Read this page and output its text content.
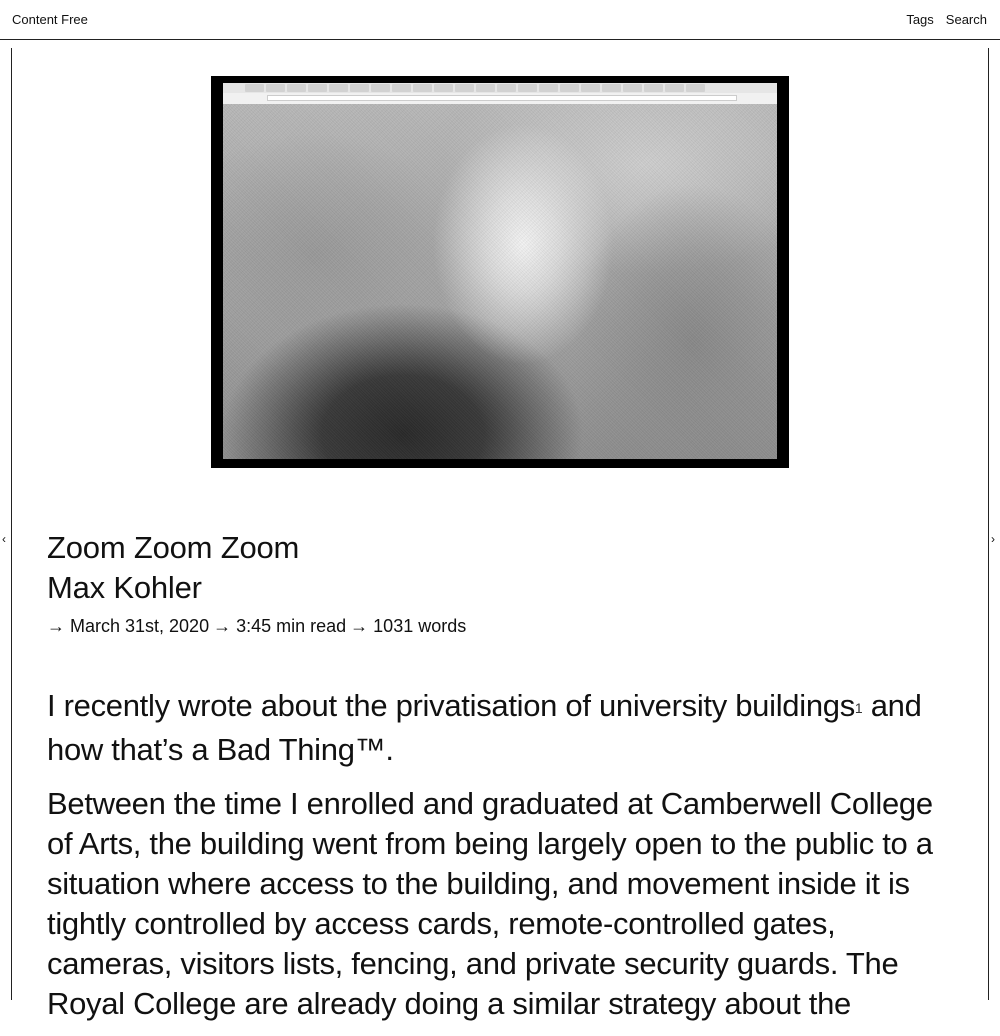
Content Free	Tags Search
‹	›
Zoom Zoom Zoom
Max Kohler
→ March 31st, 2020 → 3:45 min read → 1031 words

I recently wrote about the privatisation of university buildings$^1$ and how that’s a Bad Thing™.

Between the time I enrolled and graduated at Camberwell College of Arts, the building went from being largely open to the public to a situation where access to the building, and movement inside it is tightly controlled by access cards, remote-controlled gates, cameras, visitors lists, fencing, and private security guards. The Royal College are already doing a similar strategy about the
